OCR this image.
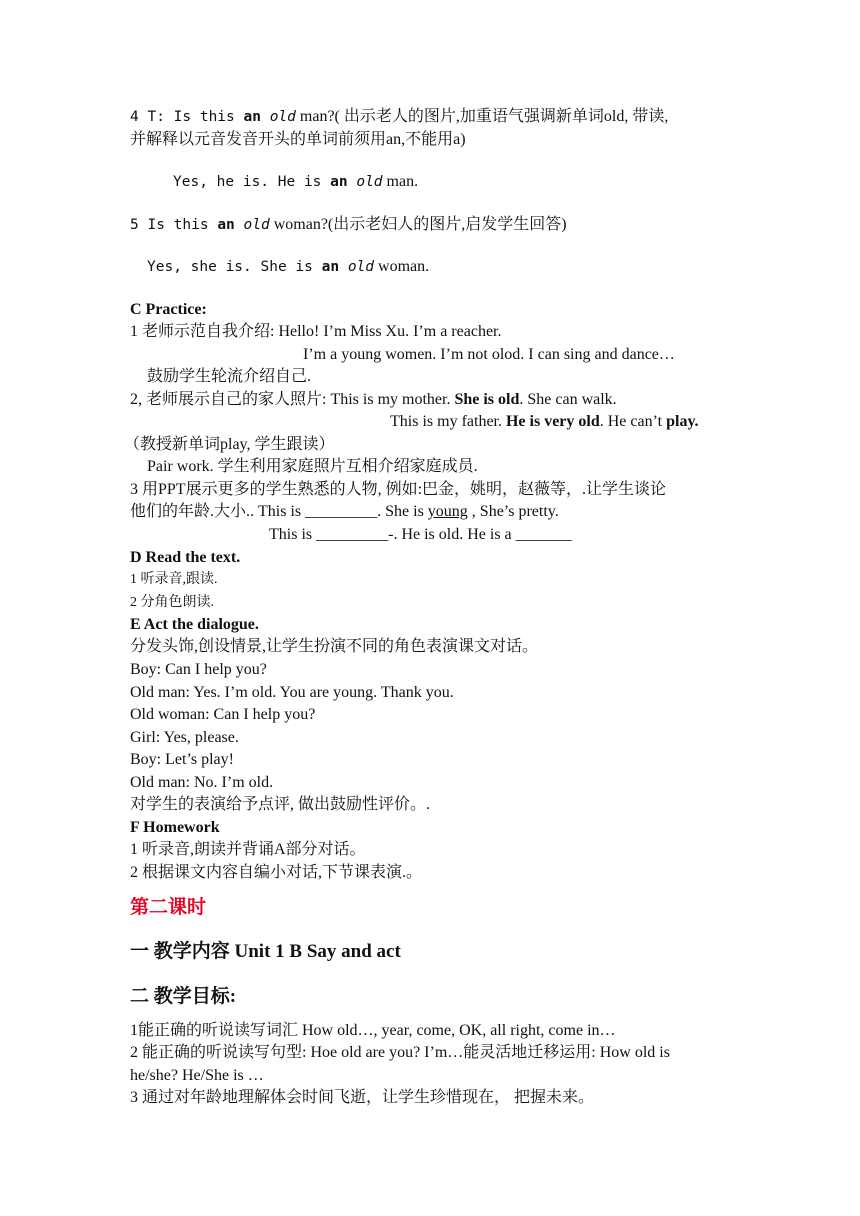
4 T: Is this an old man?( 出示老人的图片,加重语气强调新单词old, 带读,
并解释以元音发音开头的单词前须用an,不能用a)
Yes, he is. He is an old man.
5 Is this an old woman?(出示老妇人的图片,启发学生回答)
Yes, she is. She is an old woman.
C Practice:
1 老师示范自我介绍: Hello! I’m Miss Xu. I’m a reacher.
I’m a young women. I’m not olod. I can sing and dance…
鼓励学生轮流介绍自己.
2, 老师展示自己的家人照片: This is my mother. She is old. She can walk.
This is my father. He is very old. He can’t play.
（教授新单词play, 学生跟读）
Pair work. 学生利用家庭照片互相介绍家庭成员.
3 用PPT展示更多的学生熟悉的人物, 例如:巴金，姚明，赵薇等，.让学生谈论
他们的年龄.大小.. This is _________. She is young , She’s pretty.
This is _________-. He is old. He is a _______
D Read the text.
1 听录音,跟读.
2 分角色朗读.
E Act the dialogue.
分发头饰,创设情景,让学生扮演不同的角色表演课文对话。
Boy: Can I help you?
Old man: Yes. I’m old. You are young. Thank you.
Old woman: Can I help you?
Girl: Yes, please.
Boy: Let’s play!
Old man: No. I’m old.
对学生的表演给予点评, 做出鼓励性评价。.
F Homework
1 听录音,朗读并背诵A部分对话。
2 根据课文内容自编小对话,下节课表演.。
第二课时
一 教学内容 Unit 1 B Say and act
二 教学目标:
1能正确的听说读写词汇 How old…, year, come, OK, all right, come in…
2 能正确的听说读写句型: Hoe old are you? I’m…能灵活地迁移运用: How old is
he/she? He/She is …
3 通过对年龄地理解体会时间飞逝，让学生珍惜现在， 把握未来。
